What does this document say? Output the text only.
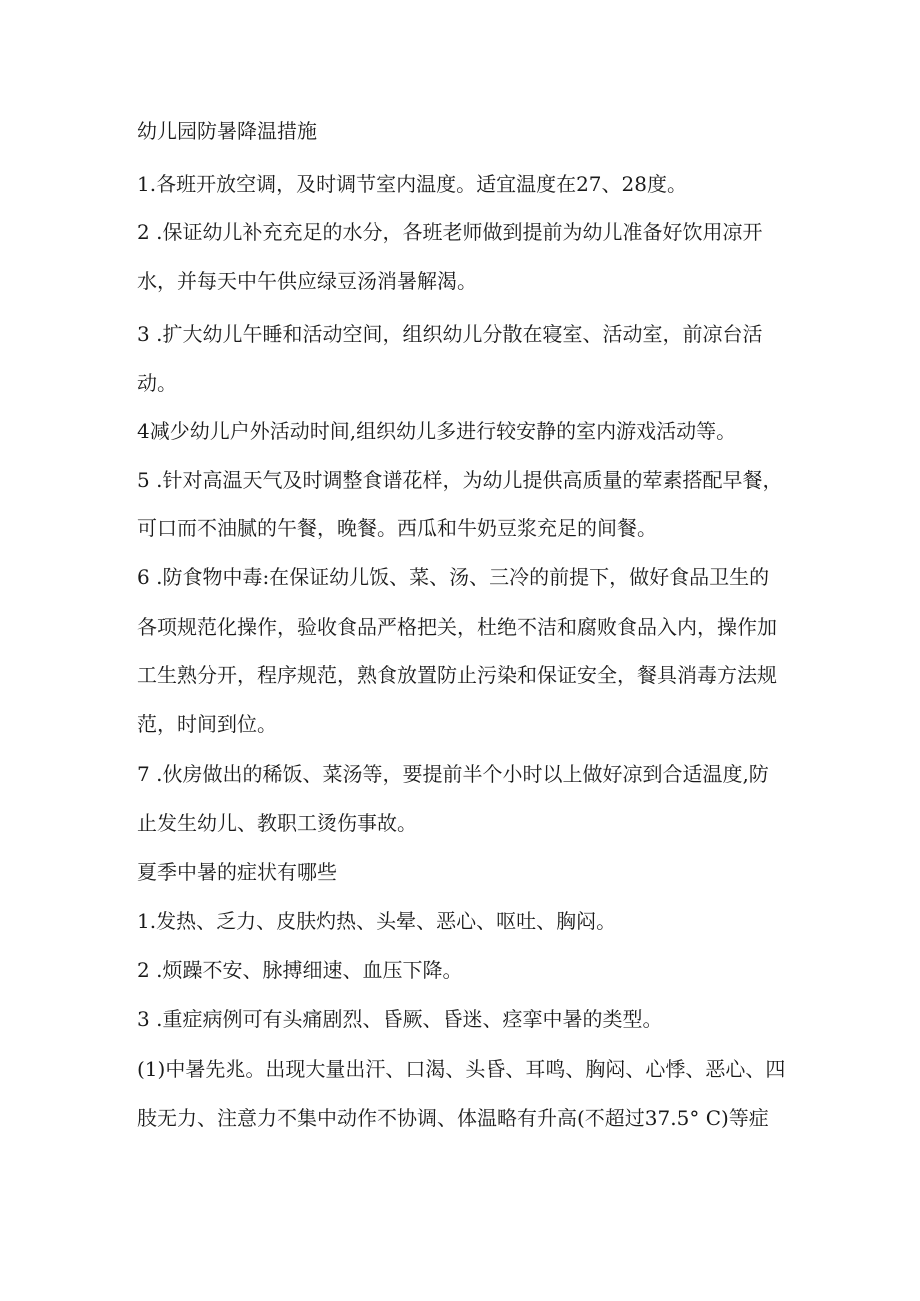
幼儿园防暑降温措施

1.各班开放空调，及时调节室内温度。适宜温度在27、28度。

2 .保证幼儿补充充足的水分，各班老师做到提前为幼儿准备好饮用凉开

水，并每天中午供应绿豆汤消暑解渴。

3 .扩大幼儿午睡和活动空间，组织幼儿分散在寝室、活动室，前凉台活

动。

4减少幼儿户外活动时间,组织幼儿多进行较安静的室内游戏活动等。

5 .针对高温天气及时调整食谱花样，为幼儿提供高质量的荤素搭配早餐，

可口而不油腻的午餐，晚餐。西瓜和牛奶豆浆充足的间餐。

6 .防食物中毒:在保证幼儿饭、菜、汤、三冷的前提下，做好食品卫生的

各项规范化操作，验收食品严格把关，杜绝不洁和腐败食品入内，操作加

工生熟分开，程序规范，熟食放置防止污染和保证安全，餐具消毒方法规

范，时间到位。

7 .伙房做出的稀饭、菜汤等，要提前半个小时以上做好凉到合适温度,防

止发生幼儿、教职工烫伤事故。

夏季中暑的症状有哪些

1.发热、乏力、皮肤灼热、头晕、恶心、呕吐、胸闷。

2 .烦躁不安、脉搏细速、血压下降。

3 .重症病例可有头痛剧烈、昏厥、昏迷、痉挛中暑的类型。

(1)中暑先兆。出现大量出汗、口渴、头昏、耳鸣、胸闷、心悸、恶心、四

肢无力、注意力不集中动作不协调、体温略有升高(不超过37.5° C)等症
